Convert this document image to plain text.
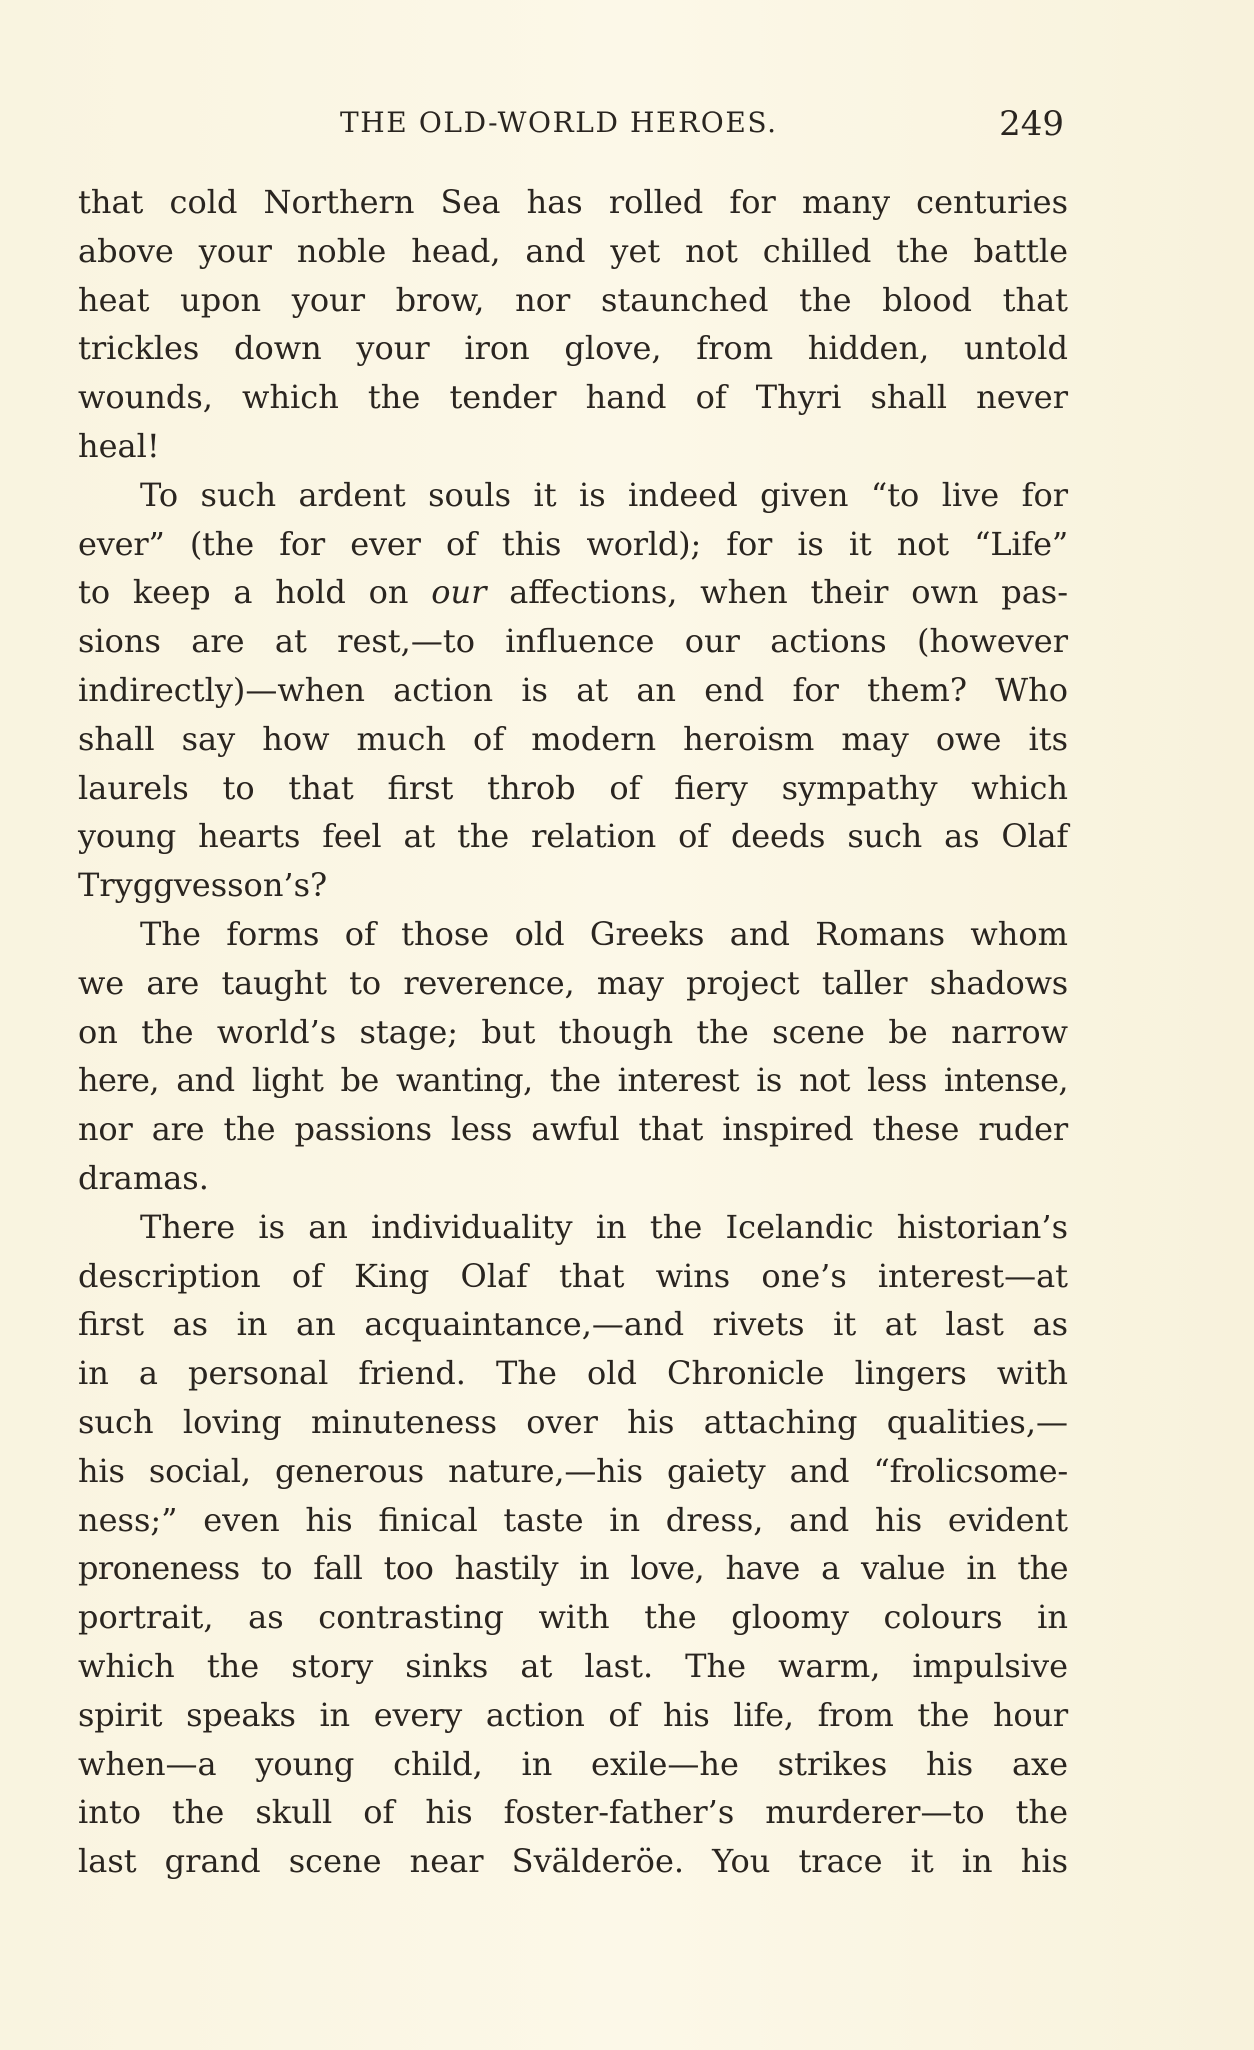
THE OLD-WORLD HEROES.	249
that cold Northern Sea has rolled for many centuries
above your noble head, and yet not chilled the battle
heat upon your brow, nor staunched the blood that
trickles down your iron glove, from hidden, untold
wounds, which the tender hand of Thyri shall never
heal!
To such ardent souls it is indeed given “to live for
ever” (the for ever of this world); for is it not “Life”
to keep a hold on our affections, when their own pas-
sions are at rest,—to influence our actions (however
indirectly)—when action is at an end for them? Who
shall say how much of modern heroism may owe its
laurels to that first throb of fiery sympathy which
young hearts feel at the relation of deeds such as Olaf
Tryggvesson’s?
The forms of those old Greeks and Romans whom
we are taught to reverence, may project taller shadows
on the world’s stage; but though the scene be narrow
here, and light be wanting, the interest is not less intense,
nor are the passions less awful that inspired these ruder
dramas.
There is an individuality in the Icelandic historian’s
description of King Olaf that wins one’s interest—at
first as in an acquaintance,—and rivets it at last as
in a personal friend. The old Chronicle lingers with
such loving minuteness over his attaching qualities,—
his social, generous nature,—his gaiety and “frolicsome-
ness;” even his finical taste in dress, and his evident
proneness to fall too hastily in love, have a value in the
portrait, as contrasting with the gloomy colours in
which the story sinks at last. The warm, impulsive
spirit speaks in every action of his life, from the hour
when—a young child, in exile—he strikes his axe
into the skull of his foster-father’s murderer—to the
last grand scene near Svälderöe. You trace it in his
